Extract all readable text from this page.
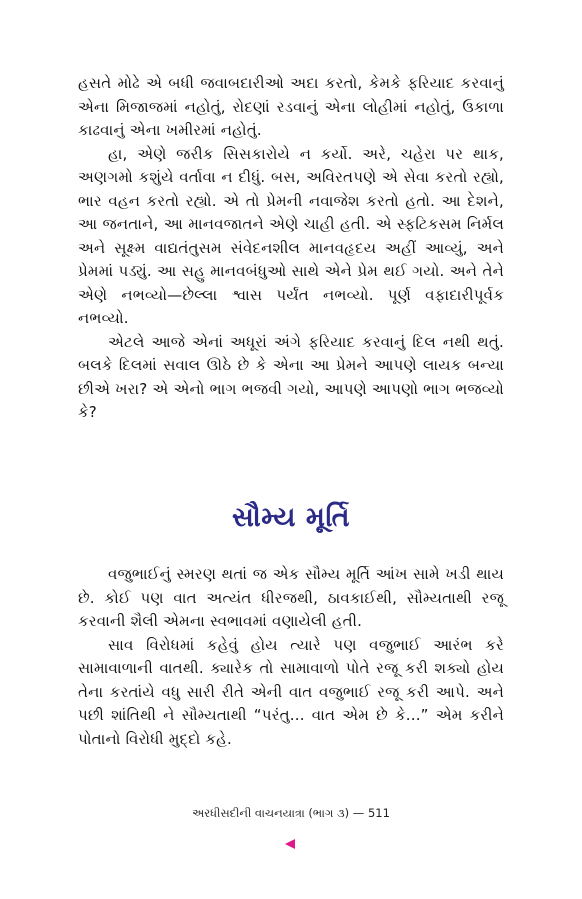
હસતે મોઢે એ બધી જવાબદારીઓ અદા કરતો, કેમકે ફરિયાદ કરવાનું એના મિજાજમાં નહોતું, રોદણાં રડવાનું એના લોહીમાં નહોતું, ઉકાળા કાઢવાનું એના ખમીરમાં નહોતું.

હા, એણે જરીક સિસકારોયે ન કર્યો. અરે, ચહેરા પર થાક, અણગમો કશુંયે વર્તાવા ન દીધું. બસ, અવિરતપણે એ સેવા કરતો રહ્યો, ભાર વહન કરતો રહ્યો. એ તો પ્રેમની નવાજેશ કરતો હતો. આ દેશને, આ જનતાને, આ માનવજાતને એણે ચાહી હતી. એ સ્ફટિકસમ નિર્મલ અને સૂક્ષ્મ વાદ્યતંતુસમ સંવેદનશીલ માનવહૃદય અહીં આવ્યું, અને પ્રેમમાં પડ્યું. આ સહુ માનવબંધુઓ સાથે એને પ્રેમ થઈ ગયો. અને તેને એણે નભવ્યો—છેલ્લા શ્વાસ પર્યંત નભવ્યો. પૂર્ણ વફાદારીપૂર્વક નભવ્યો.

એટલે આજે એનાં અધૂરાં અંગે ફરિયાદ કરવાનું દિલ નથી થતું. બલકે દિલમાં સવાલ ઊઠે છે કે એના આ પ્રેમને આપણે લાયક બન્યા છીએ ખરા? એ એનો ભાગ ભજવી ગયો, આપણે આપણો ભાગ ભજવ્યો કે?

સૌમ્ય મૂર્તિ

વજુભાઈનું સ્મરણ થતાં જ એક સૌમ્ય મૂર્તિ આંખ સામે ખડી થાય છે. કોઈ પણ વાત અત્યંત ધીરજથી, ઠાવકાઈથી, સૌમ્યતાથી રજૂ કરવાની શૈલી એમના સ્વભાવમાં વણાયેલી હતી.

સાવ વિરોધમાં કહેવું હોય ત્યારે પણ વજુભાઈ આરંભ કરે સામાવાળાની વાતથી. ક્યારેક તો સામાવાળો પોતે રજૂ કરી શક્યો હોય તેના કરતાંયે વધુ સારી રીતે એની વાત વજુભાઈ રજૂ કરી આપે. અને પછી શાંતિથી ને સૌમ્યતાથી “પરંતુ... વાત એમ છે કે...” એમ કરીને પોતાનો વિરોધી મુદ્દો કહે.

અરધીસદીની વાચનયાત્રા (ભાગ ૩) — 511
